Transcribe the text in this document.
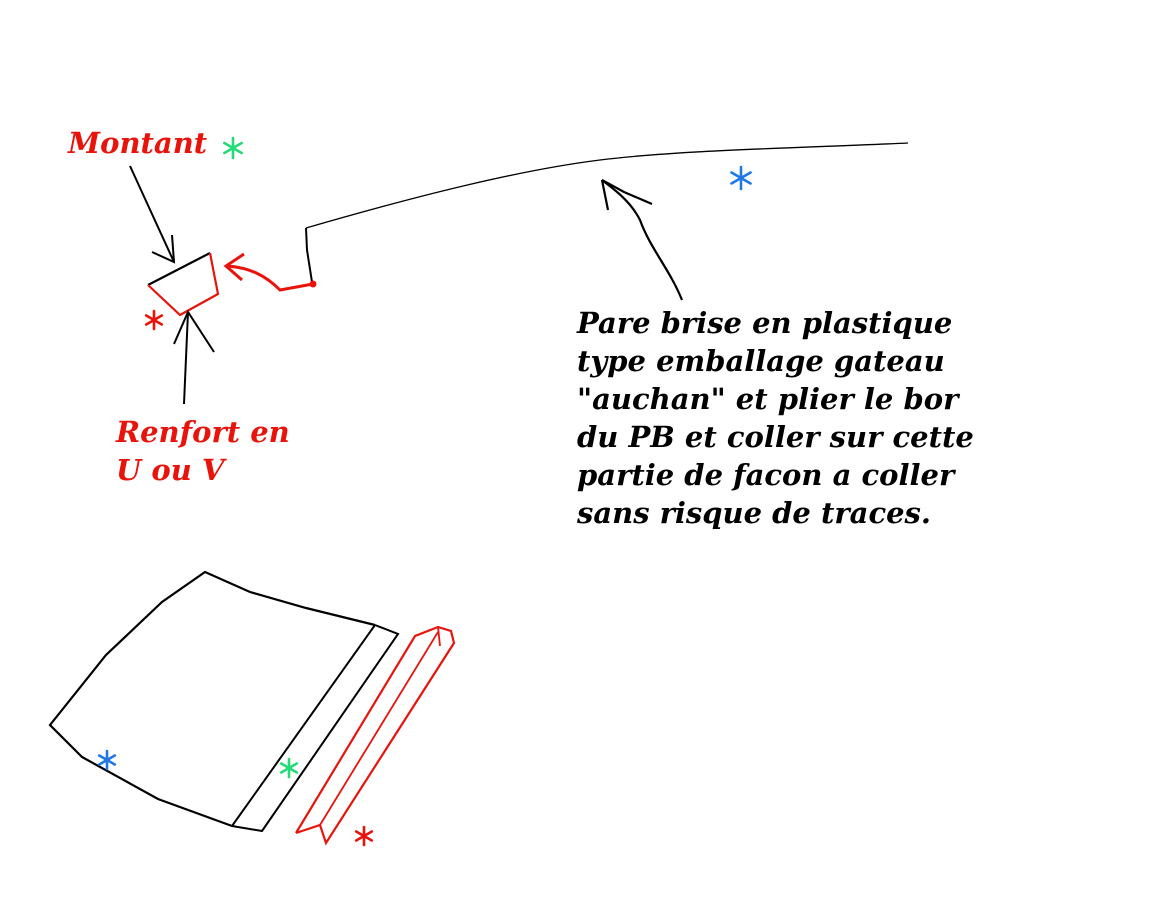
Montant
Renfort en
U ou V
Pare brise en plastique
type emballage gateau
"auchan" et plier le bor
du PB et coller sur cette
partie de facon a coller
sans risque de traces.
